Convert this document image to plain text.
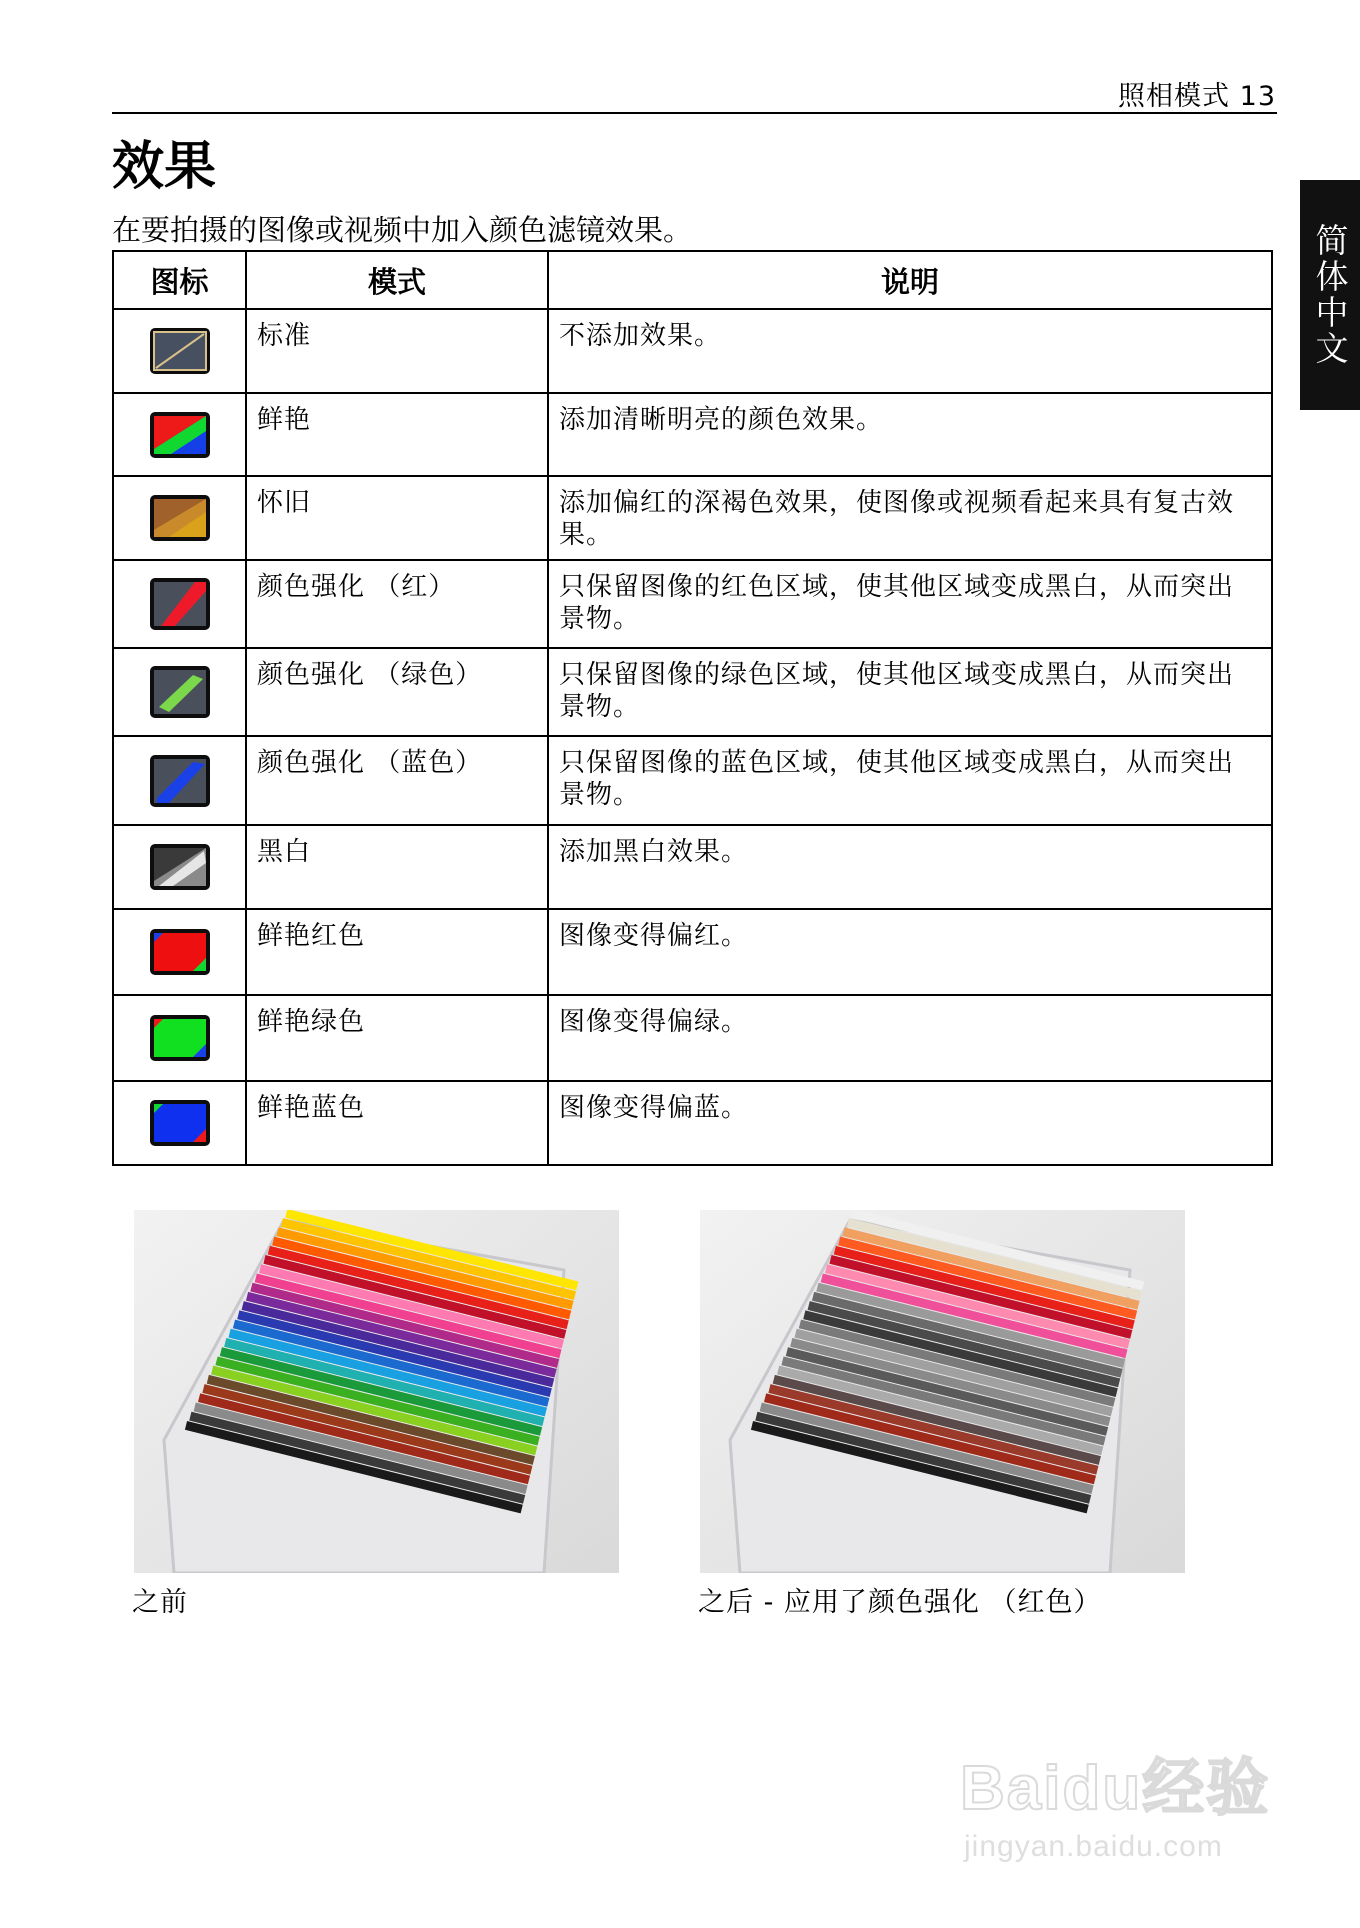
照相模式 13
简体中文
效果
在要拍摄的图像或视频中加入颜色滤镜效果。
图标	模式	说明

	标准	不添加效果。

	鲜艳	添加清晰明亮的颜色效果。

	怀旧	添加偏红的深褐色效果，使图像或视频看起来具有复古效果。

	颜色强化 （红）	只保留图像的红色区域，使其他区域变成黑白，从而突出景物。

	颜色强化 （绿色）	只保留图像的绿色区域，使其他区域变成黑白，从而突出景物。

	颜色强化 （蓝色）	只保留图像的蓝色区域，使其他区域变成黑白，从而突出景物。

	黑白	添加黑白效果。

	鲜艳红色	图像变得偏红。

	鲜艳绿色	图像变得偏绿。

	鲜艳蓝色	图像变得偏蓝。
之前	之后 - 应用了颜色强化 （红色）
Baidu经验
jingyan.baidu.com
